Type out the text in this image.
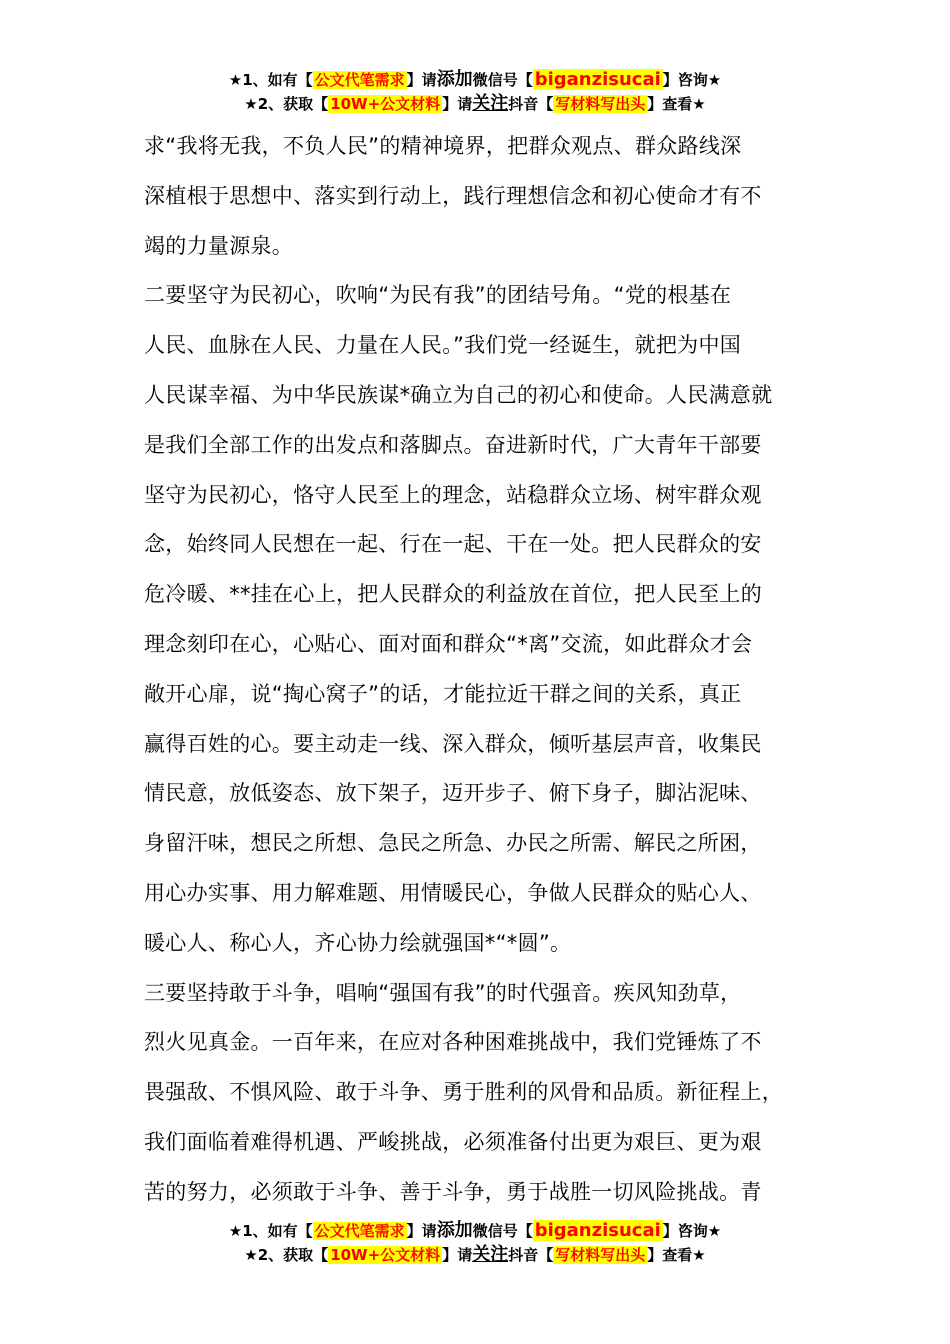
★1、如有【 公文代笔需求 】请添加微信号【 biganzisucai 】咨询★
★2、获取【 10W+公文材料 】请关注抖音【 写材料写出头 】查看★

求“我将无我，不负人民”的精神境界，把群众观点、群众路线深

深植根于思想中、落实到行动上，践行理想信念和初心使命才有不

竭的力量源泉。

二要坚守为民初心，吹响“为民有我”的团结号角。“党的根基在

人民、血脉在人民、力量在人民。”我们党一经诞生，就把为中国

人民谋幸福、为中华民族谋*确立为自己的初心和使命。人民满意就

是我们全部工作的出发点和落脚点。奋进新时代，广大青年干部要

坚守为民初心，恪守人民至上的理念，站稳群众立场、树牢群众观

念，始终同人民想在一起、行在一起、干在一处。把人民群众的安

危冷暖、**挂在心上，把人民群众的利益放在首位，把人民至上的

理念刻印在心，心贴心、面对面和群众“*离”交流，如此群众才会

敞开心扉，说“掏心窝子”的话，才能拉近干群之间的关系，真正

赢得百姓的心。要主动走一线、深入群众，倾听基层声音，收集民

情民意，放低姿态、放下架子，迈开步子、俯下身子，脚沾泥味、

身留汗味，想民之所想、急民之所急、办民之所需、解民之所困，

用心办实事、用力解难题、用情暖民心，争做人民群众的贴心人、

暖心人、称心人，齐心协力绘就强国*“*圆”。

三要坚持敢于斗争，唱响“强国有我”的时代强音。疾风知劲草，

烈火见真金。一百年来，在应对各种困难挑战中，我们党锤炼了不

畏强敌、不惧风险、敢于斗争、勇于胜利的风骨和品质。新征程上，

我们面临着难得机遇、严峻挑战，必须准备付出更为艰巨、更为艰

苦的努力，必须敢于斗争、善于斗争，勇于战胜一切风险挑战。青

★1、如有【 公文代笔需求 】请添加微信号【 biganzisucai 】咨询★
★2、获取【 10W+公文材料 】请关注抖音【 写材料写出头 】查看★
